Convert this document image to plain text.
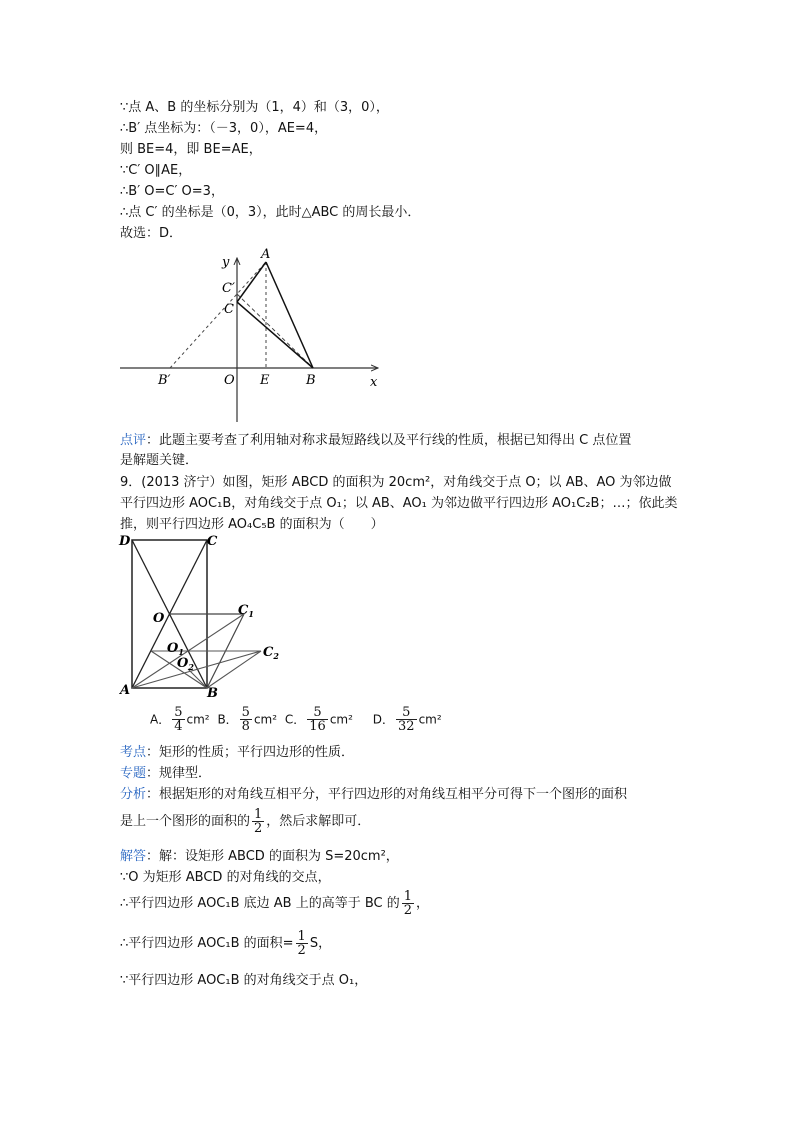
∵点 A、B 的坐标分别为（1，4）和（3，0），
∴B′ 点坐标为：（－3，0），AE=4，
则 BE=4，即 BE=AE，
∵C′ O∥AE，
∴B′ O=C′ O=3，
∴点 C′ 的坐标是（0，3），此时△ABC 的周长最小．
故选：D．
y
x
A
C′
C
B′	O E	B
点评：此题主要考查了利用轴对称求最短路线以及平行线的性质，根据已知得出 C 点位置
是解题关键．
9．(2013 济宁）如图，矩形 ABCD 的面积为 20cm²，对角线交于点 O；以 AB、AO 为邻边做
平行四边形 AOC₁B，对角线交于点 O₁；以 AB、AO₁ 为邻边做平行四边形 AO₁C₂B；…；依此类
推，则平行四边形 AO₄C₅B 的面积为（　　）
D	C
O
$C_1$
$O_1$
$O_2$
$C_2$
A	B
A． $\frac{5}{4} cm^2$ B． $\frac{5}{8} cm^2$ C． $\frac{5}{16} cm^2$ D． $\frac{5}{32} cm^2$
考点：矩形的性质；平行四边形的性质．
专题：规律型．
分析：根据矩形的对角线互相平分，平行四边形的对角线互相平分可得下一个图形的面积
是上一个图形的面积的 $\frac{1}{2}$ ，然后求解即可．
解答：解：设矩形 ABCD 的面积为 S=20cm²，
∵O 为矩形 ABCD 的对角线的交点，
∴平行四边形 AOC₁B 底边 AB 上的高等于 BC 的 $\frac{1}{2}$ ，
∴平行四边形 AOC₁B 的面积= $\frac{1}{2}$ S，
∵平行四边形 AOC₁B 的对角线交于点 O₁，
